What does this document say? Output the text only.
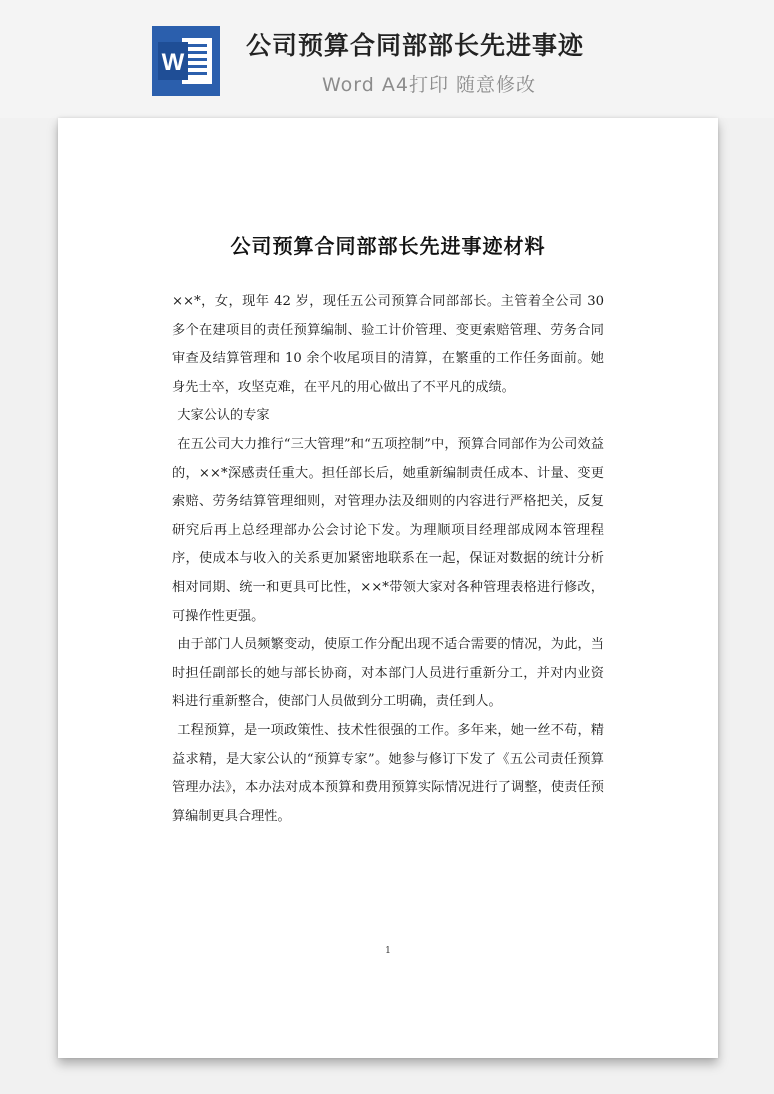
W
公司预算合同部部长先进事迹
Word A4打印 随意修改

公司预算合同部部长先进事迹材料

××*，女，现年 42 岁，现任五公司预算合同部部长。主管着全公司 30 多个在建项目的责任预算编制、验工计价管理、变更索赔管理、劳务合同审查及结算管理和 10 余个收尾项目的清算，在繁重的工作任务面前。她身先士卒，攻坚克难，在平凡的用心做出了不平凡的成绩。

大家公认的专家

在五公司大力推行“三大管理”和“五项控制”中，预算合同部作为公司效益的，××*深感责任重大。担任部长后，她重新编制责任成本、计量、变更索赔、劳务结算管理细则，对管理办法及细则的内容进行严格把关，反复研究后再上总经理部办公会讨论下发。为理顺项目经理部成网本管理程序，使成本与收入的关系更加紧密地联系在一起，保证对数据的统计分析相对同期、统一和更具可比性，××*带领大家对各种管理表格进行修改，可操作性更强。

由于部门人员频繁变动，使原工作分配出现不适合需要的情况，为此，当时担任副部长的她与部长协商，对本部门人员进行重新分工，并对内业资料进行重新整合，使部门人员做到分工明确，责任到人。

工程预算，是一项政策性、技术性很强的工作。多年来，她一丝不苟，精益求精，是大家公认的“预算专家”。她参与修订下发了《五公司责任预算管理办法》，本办法对成本预算和费用预算实际情况进行了调整，使责任预算编制更具合理性。

1
